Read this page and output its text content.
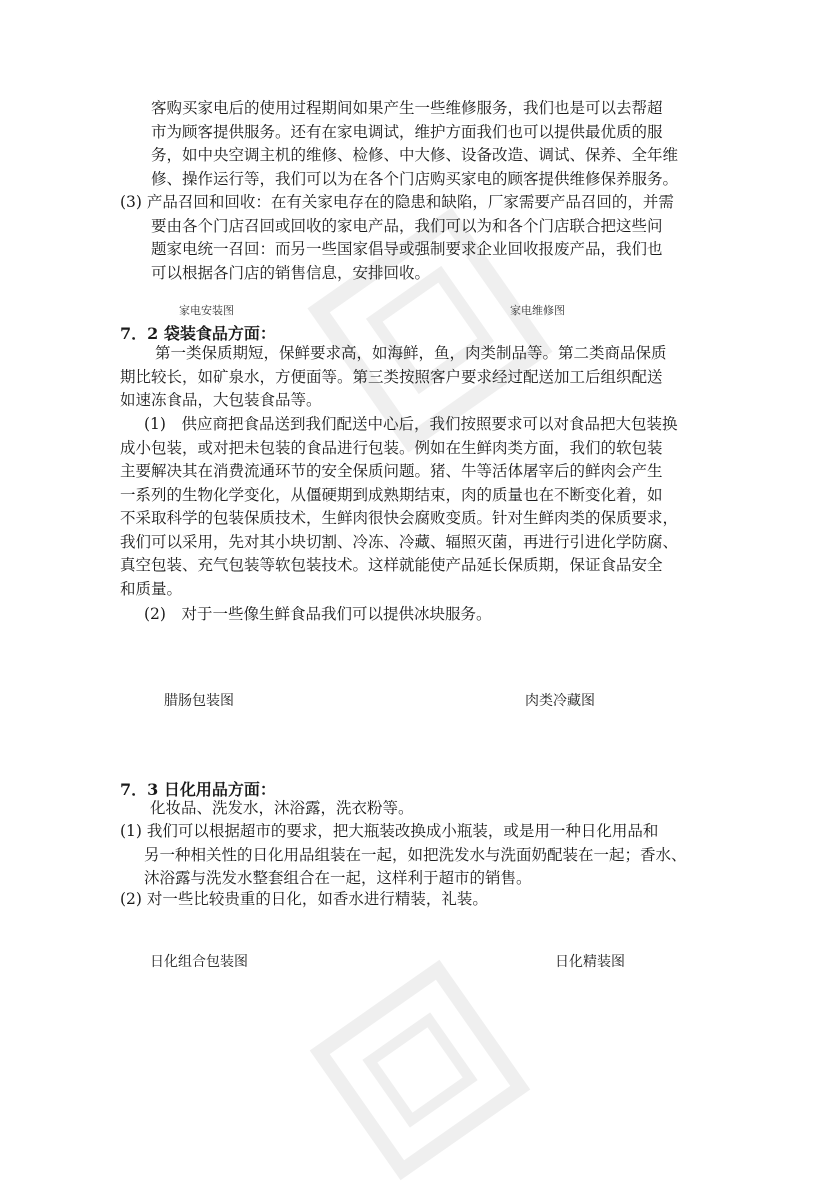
客购买家电后的使用过程期间如果产生一些维修服务，我们也是可以去帮超
市为顾客提供服务。还有在家电调试，维护方面我们也可以提供最优质的服
务，如中央空调主机的维修、检修、中大修、设备改造、调试、保养、全年维
修、操作运行等，我们可以为在各个门店购买家电的顾客提供维修保养服务。
(3) 产品召回和回收：在有关家电存在的隐患和缺陷，厂家需要产品召回的，并需
要由各个门店召回或回收的家电产品，我们可以为和各个门店联合把这些问
题家电统一召回：而另一些国家倡导或强制要求企业回收报废产品，我们也
可以根据各门店的销售信息，安排回收。
家电安装图	家电维修图
7．2 袋装食品方面：
第一类保质期短，保鲜要求高，如海鲜，鱼，肉类制品等。第二类商品保质
期比较长，如矿泉水，方便面等。第三类按照客户要求经过配送加工后组织配送
如速冻食品，大包装食品等。
(1)　供应商把食品送到我们配送中心后，我们按照要求可以对食品把大包装换
成小包装，或对把未包装的食品进行包装。例如在生鲜肉类方面，我们的软包装
主要解决其在消费流通环节的安全保质问题。猪、牛等活体屠宰后的鲜肉会产生
一系列的生物化学变化，从僵硬期到成熟期结束，肉的质量也在不断变化着，如
不采取科学的包装保质技术，生鲜肉很快会腐败变质。针对生鲜肉类的保质要求，
我们可以采用，先对其小块切割、冷冻、冷藏、辐照灭菌，再进行引进化学防腐、
真空包装、充气包装等软包装技术。这样就能使产品延长保质期，保证食品安全
和质量。
(2)　对于一些像生鲜食品我们可以提供冰块服务。
腊肠包装图	肉类冷藏图
7．3 日化用品方面：
化妆品、洗发水，沐浴露，洗衣粉等。
(1) 我们可以根据超市的要求，把大瓶装改换成小瓶装，或是用一种日化用品和
另一种相关性的日化用品组装在一起，如把洗发水与洗面奶配装在一起；香水、
沐浴露与洗发水整套组合在一起，这样利于超市的销售。
(2) 对一些比较贵重的日化，如香水进行精装，礼装。
日化组合包装图	日化精装图
